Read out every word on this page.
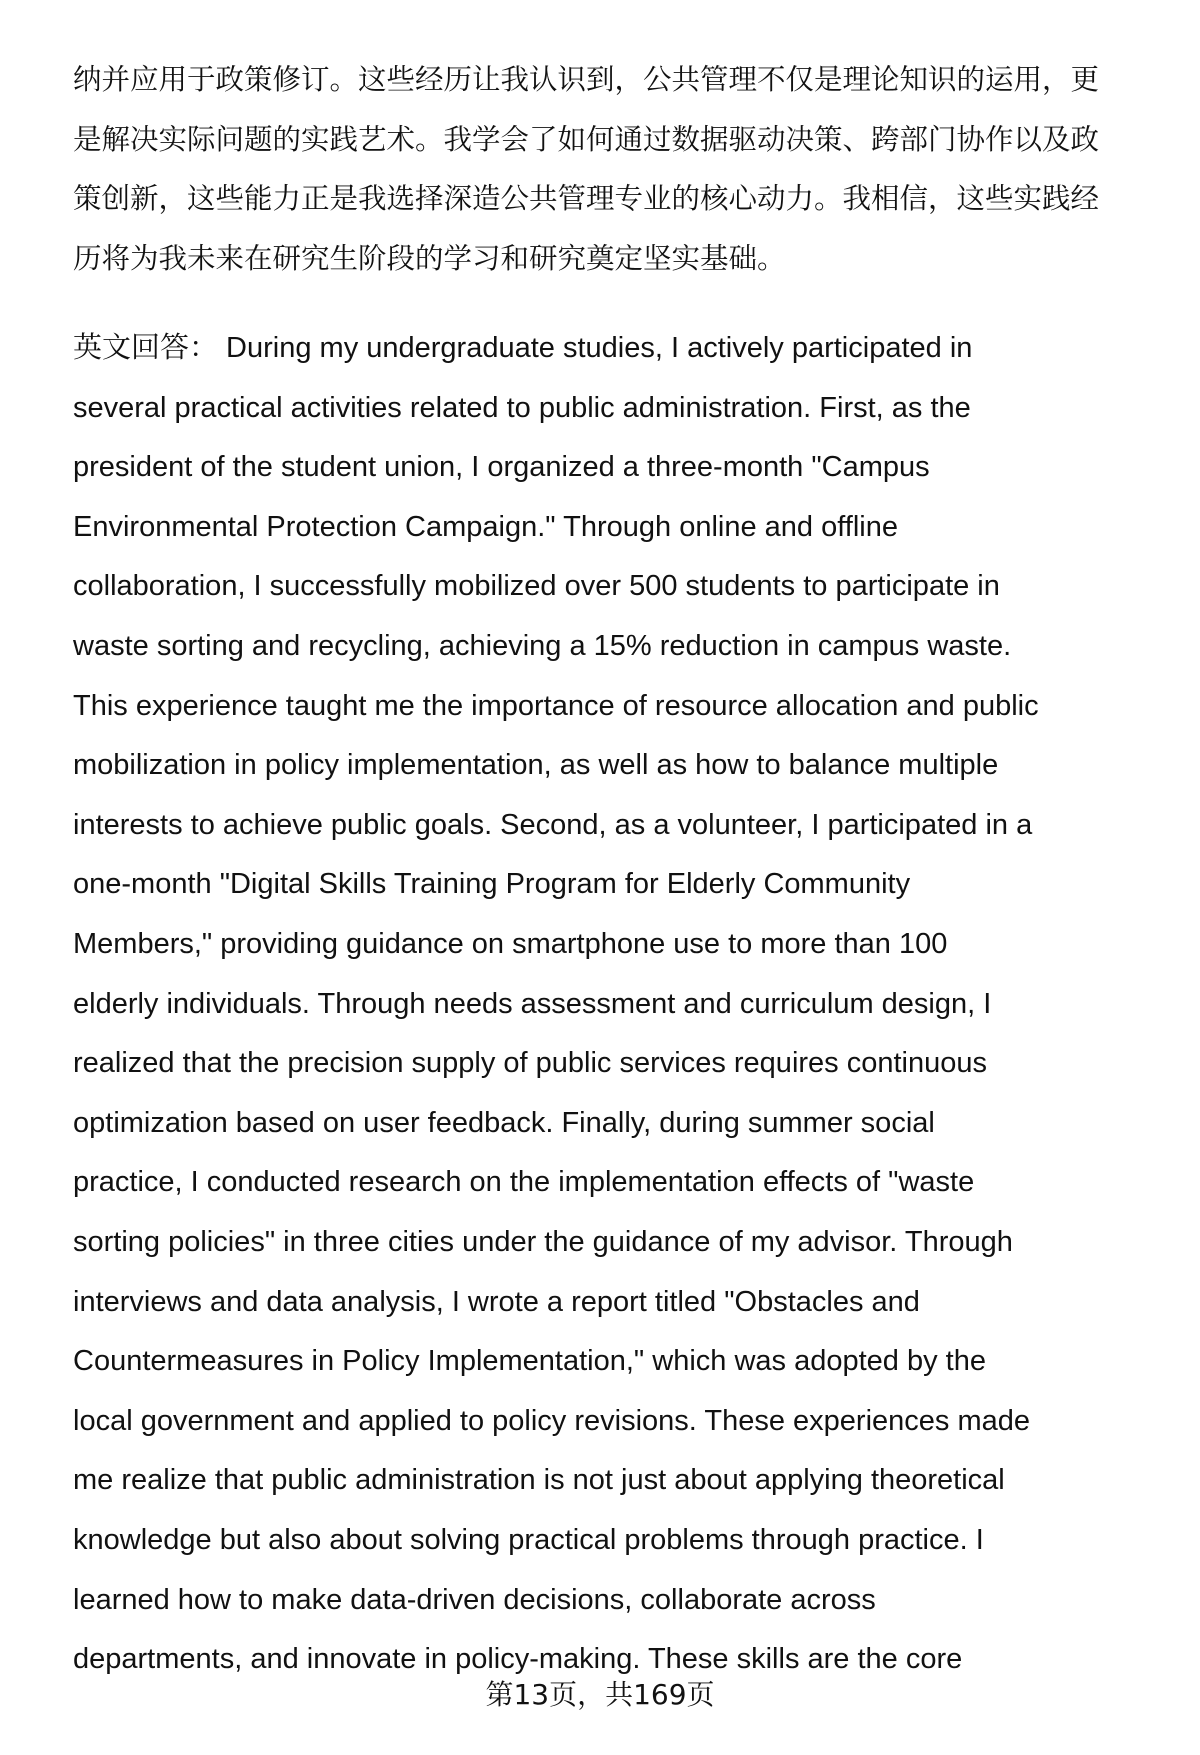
纳并应用于政策修订。这些经历让我认识到，公共管理不仅是理论知识的运用，更
是解决实际问题的实践艺术。我学会了如何通过数据驱动决策、跨部门协作以及政
策创新，这些能力正是我选择深造公共管理专业的核心动力。我相信，这些实践经
历将为我未来在研究生阶段的学习和研究奠定坚实基础。
英文回答： During my undergraduate studies, I actively participated in
several practical activities related to public administration. First, as the
president of the student union, I organized a three-month "Campus
Environmental Protection Campaign." Through online and offline
collaboration, I successfully mobilized over 500 students to participate in
waste sorting and recycling, achieving a 15% reduction in campus waste.
This experience taught me the importance of resource allocation and public
mobilization in policy implementation, as well as how to balance multiple
interests to achieve public goals. Second, as a volunteer, I participated in a
one-month "Digital Skills Training Program for Elderly Community
Members," providing guidance on smartphone use to more than 100
elderly individuals. Through needs assessment and curriculum design, I
realized that the precision supply of public services requires continuous
optimization based on user feedback. Finally, during summer social
practice, I conducted research on the implementation effects of "waste
sorting policies" in three cities under the guidance of my advisor. Through
interviews and data analysis, I wrote a report titled "Obstacles and
Countermeasures in Policy Implementation," which was adopted by the
local government and applied to policy revisions. These experiences made
me realize that public administration is not just about applying theoretical
knowledge but also about solving practical problems through practice. I
learned how to make data-driven decisions, collaborate across
departments, and innovate in policy-making. These skills are the core
第13页，共169页
